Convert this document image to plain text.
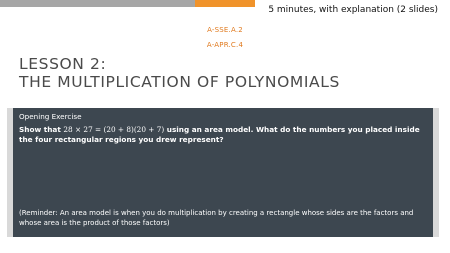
5 minutes, with explanation (2 slides)
A-SSE.A.2
A-APR.C.4
LESSON 2:
THE MULTIPLICATION OF POLYNOMIALS
Opening Exercise
Show that 28 × 27 = (20 + 8)(20 + 7) using an area model. What do the numbers you placed inside the four rectangular regions you drew represent?
(Reminder: An area model is when you do multiplication by creating a rectangle whose sides are the factors and whose area is the product of those factors)
